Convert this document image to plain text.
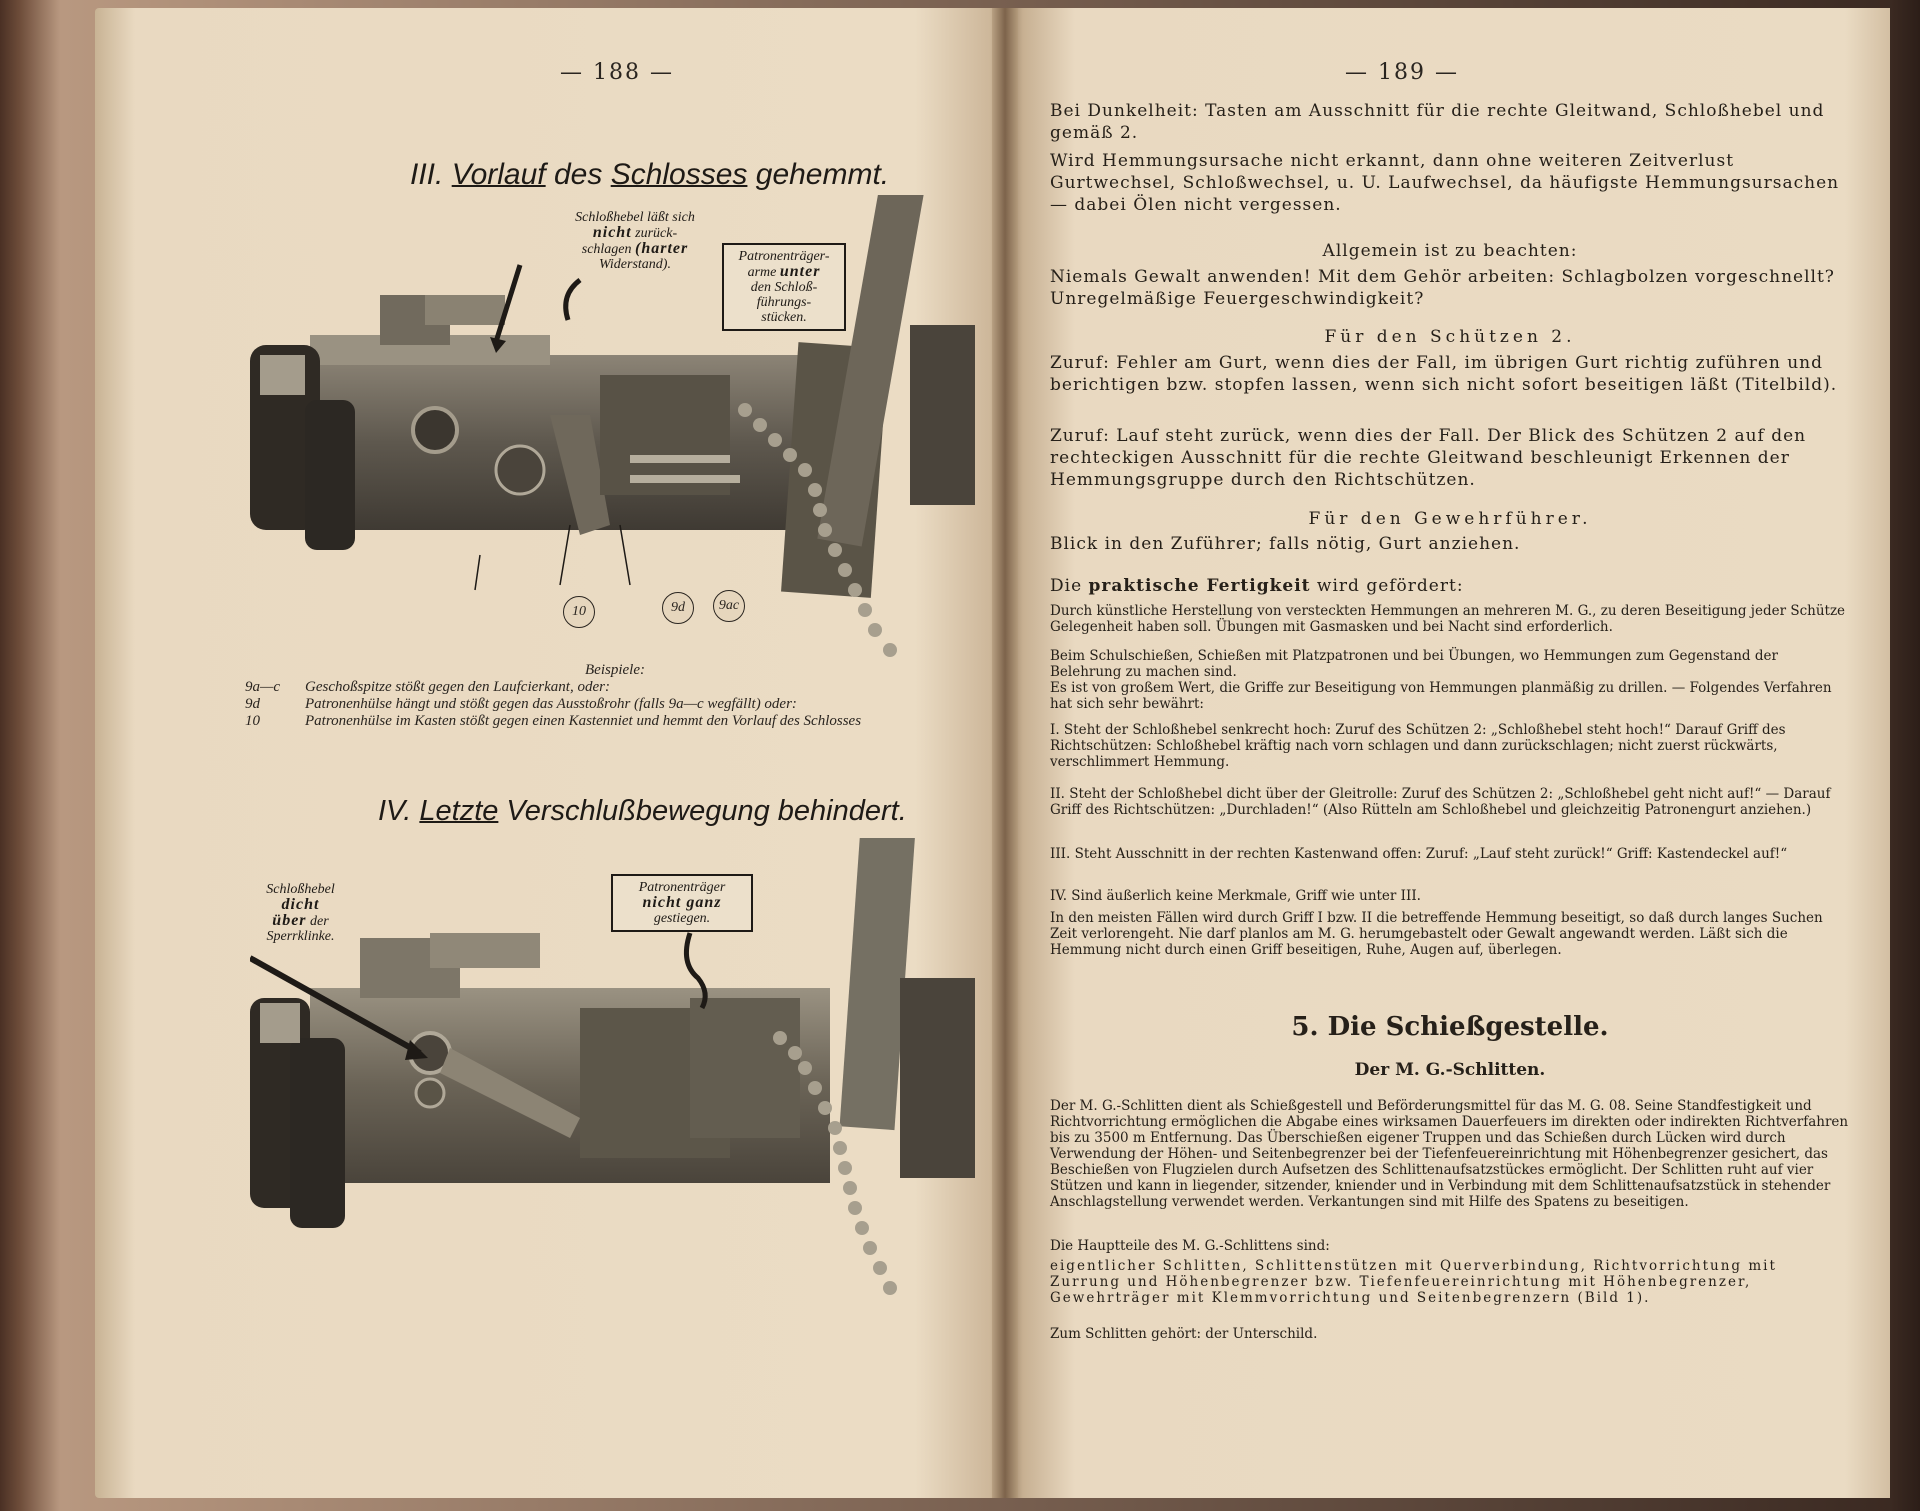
— 188 —
III. Vorlauf des Schlosses gehemmt.
Schloßhebel läßt sich
nicht zurück-
schlagen (harter
Widerstand).
Patronenträger-
arme unter
den Schloß-
führungs-
stücken.
10	9d	9ac
Beispiele:
9a—c	Geschoßspitze stößt gegen den Laufcierkant, oder:
9d	Patronenhülse hängt und stößt gegen das Ausstoßrohr (falls 9a—c wegfällt) oder:
10	Patronenhülse im Kasten stößt gegen einen Kastenniet und hemmt den Vorlauf des Schlosses
IV. Letzte Verschlußbewegung behindert.
Schloßhebel
dicht
über der
Sperrklinke.
Patronenträger
nicht ganz
gestiegen.
— 189 —
Bei Dunkelheit: Tasten am Ausschnitt für die rechte Gleitwand, Schloßhebel und gemäß 2.
Wird Hemmungsursache nicht erkannt, dann ohne weiteren Zeitverlust Gurtwechsel, Schloßwechsel, u. U. Laufwechsel, da häufigste Hemmungsursachen — dabei Ölen nicht vergessen.
Allgemein ist zu beachten:
Niemals Gewalt anwenden! Mit dem Gehör arbeiten: Schlagbolzen vorgeschnellt? Unregelmäßige Feuergeschwindigkeit?
Für den Schützen 2.
Zuruf: Fehler am Gurt, wenn dies der Fall, im übrigen Gurt richtig zuführen und berichtigen bzw. stopfen lassen, wenn sich nicht sofort beseitigen läßt (Titelbild).
Zuruf: Lauf steht zurück, wenn dies der Fall. Der Blick des Schützen 2 auf den rechteckigen Ausschnitt für die rechte Gleitwand beschleunigt Erkennen der Hemmungsgruppe durch den Richtschützen.
Für den Gewehrführer.
Blick in den Zuführer; falls nötig, Gurt anziehen.
Die praktische Fertigkeit wird gefördert:
Durch künstliche Herstellung von versteckten Hemmungen an mehreren M. G., zu deren Beseitigung jeder Schütze Gelegenheit haben soll. Übungen mit Gasmasken und bei Nacht sind erforderlich.
Beim Schulschießen, Schießen mit Platzpatronen und bei Übungen, wo Hemmungen zum Gegenstand der Belehrung zu machen sind.
Es ist von großem Wert, die Griffe zur Beseitigung von Hemmungen planmäßig zu drillen. — Folgendes Verfahren hat sich sehr bewährt:
I. Steht der Schloßhebel senkrecht hoch: Zuruf des Schützen 2: „Schloßhebel steht hoch!“ Darauf Griff des Richtschützen: Schloßhebel kräftig nach vorn schlagen und dann zurückschlagen; nicht zuerst rückwärts, verschlimmert Hemmung.
II. Steht der Schloßhebel dicht über der Gleitrolle: Zuruf des Schützen 2: „Schloßhebel geht nicht auf!“ — Darauf Griff des Richtschützen: „Durchladen!“ (Also Rütteln am Schloßhebel und gleichzeitig Patronengurt anziehen.)
III. Steht Ausschnitt in der rechten Kastenwand offen: Zuruf: „Lauf steht zurück!“ Griff: Kastendeckel auf!“
IV. Sind äußerlich keine Merkmale, Griff wie unter III.
In den meisten Fällen wird durch Griff I bzw. II die betreffende Hemmung beseitigt, so daß durch langes Suchen Zeit verlorengeht. Nie darf planlos am M. G. herumgebastelt oder Gewalt angewandt werden. Läßt sich die Hemmung nicht durch einen Griff beseitigen, Ruhe, Augen auf, überlegen.
5. Die Schießgestelle.
Der M. G.-Schlitten.
Der M. G.-Schlitten dient als Schießgestell und Beförderungsmittel für das M. G. 08. Seine Standfestigkeit und Richtvorrichtung ermöglichen die Abgabe eines wirksamen Dauerfeuers im direkten oder indirekten Richtverfahren bis zu 3500 m Entfernung. Das Überschießen eigener Truppen und das Schießen durch Lücken wird durch Verwendung der Höhen- und Seitenbegrenzer bei der Tiefenfeuereinrichtung mit Höhenbegrenzer gesichert, das Beschießen von Flugzielen durch Aufsetzen des Schlittenaufsatzstückes ermöglicht. Der Schlitten ruht auf vier Stützen und kann in liegender, sitzender, kniender und in Verbindung mit dem Schlittenaufsatzstück in stehender Anschlagstellung verwendet werden. Verkantungen sind mit Hilfe des Spatens zu beseitigen.
Die Hauptteile des M. G.-Schlittens sind:
eigentlicher Schlitten, Schlittenstützen mit Querverbindung, Richtvorrichtung mit Zurrung und Höhenbegrenzer bzw. Tiefenfeuereinrichtung mit Höhenbegrenzer, Gewehrträger mit Klemmvorrichtung und Seitenbegrenzern (Bild 1).
Zum Schlitten gehört: der Unterschild.
